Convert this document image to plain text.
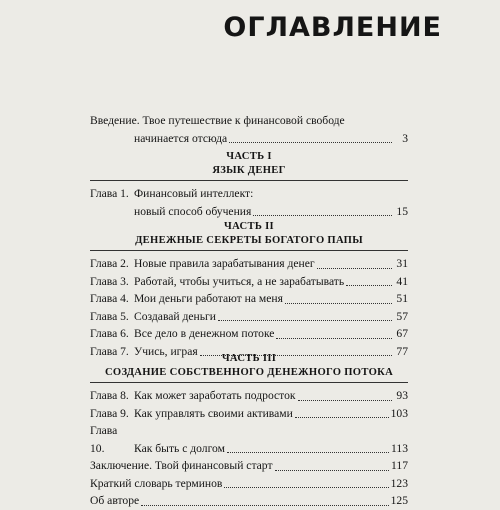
ОГЛАВЛЕНИЕ
Введение. Твое путешествие к финансовой свободе
начинается отсюда	3
ЧАСТЬ I
ЯЗЫК ДЕНЕГ
Глава 1. Финансовый интеллект:
новый способ обучения	15
ЧАСТЬ II
ДЕНЕЖНЫЕ СЕКРЕТЫ БОГАТОГО ПАПЫ
Глава 2. Новые правила зарабатывания денег	31
Глава 3. Работай, чтобы учиться, а не зарабатывать	41
Глава 4. Мои деньги работают на меня	51
Глава 5. Создавай деньги	57
Глава 6. Все дело в денежном потоке	67
Глава 7. Учись, играя	77
ЧАСТЬ III
СОЗДАНИЕ СОБСТВЕННОГО ДЕНЕЖНОГО ПОТОКА
Глава 8. Как может заработать подросток	93
Глава 9. Как управлять своими активами	103
Глава 10.	Как быть с долгом	113
Заключение. Твой финансовый старт	117
Краткий словарь терминов	123
Об авторе	125
